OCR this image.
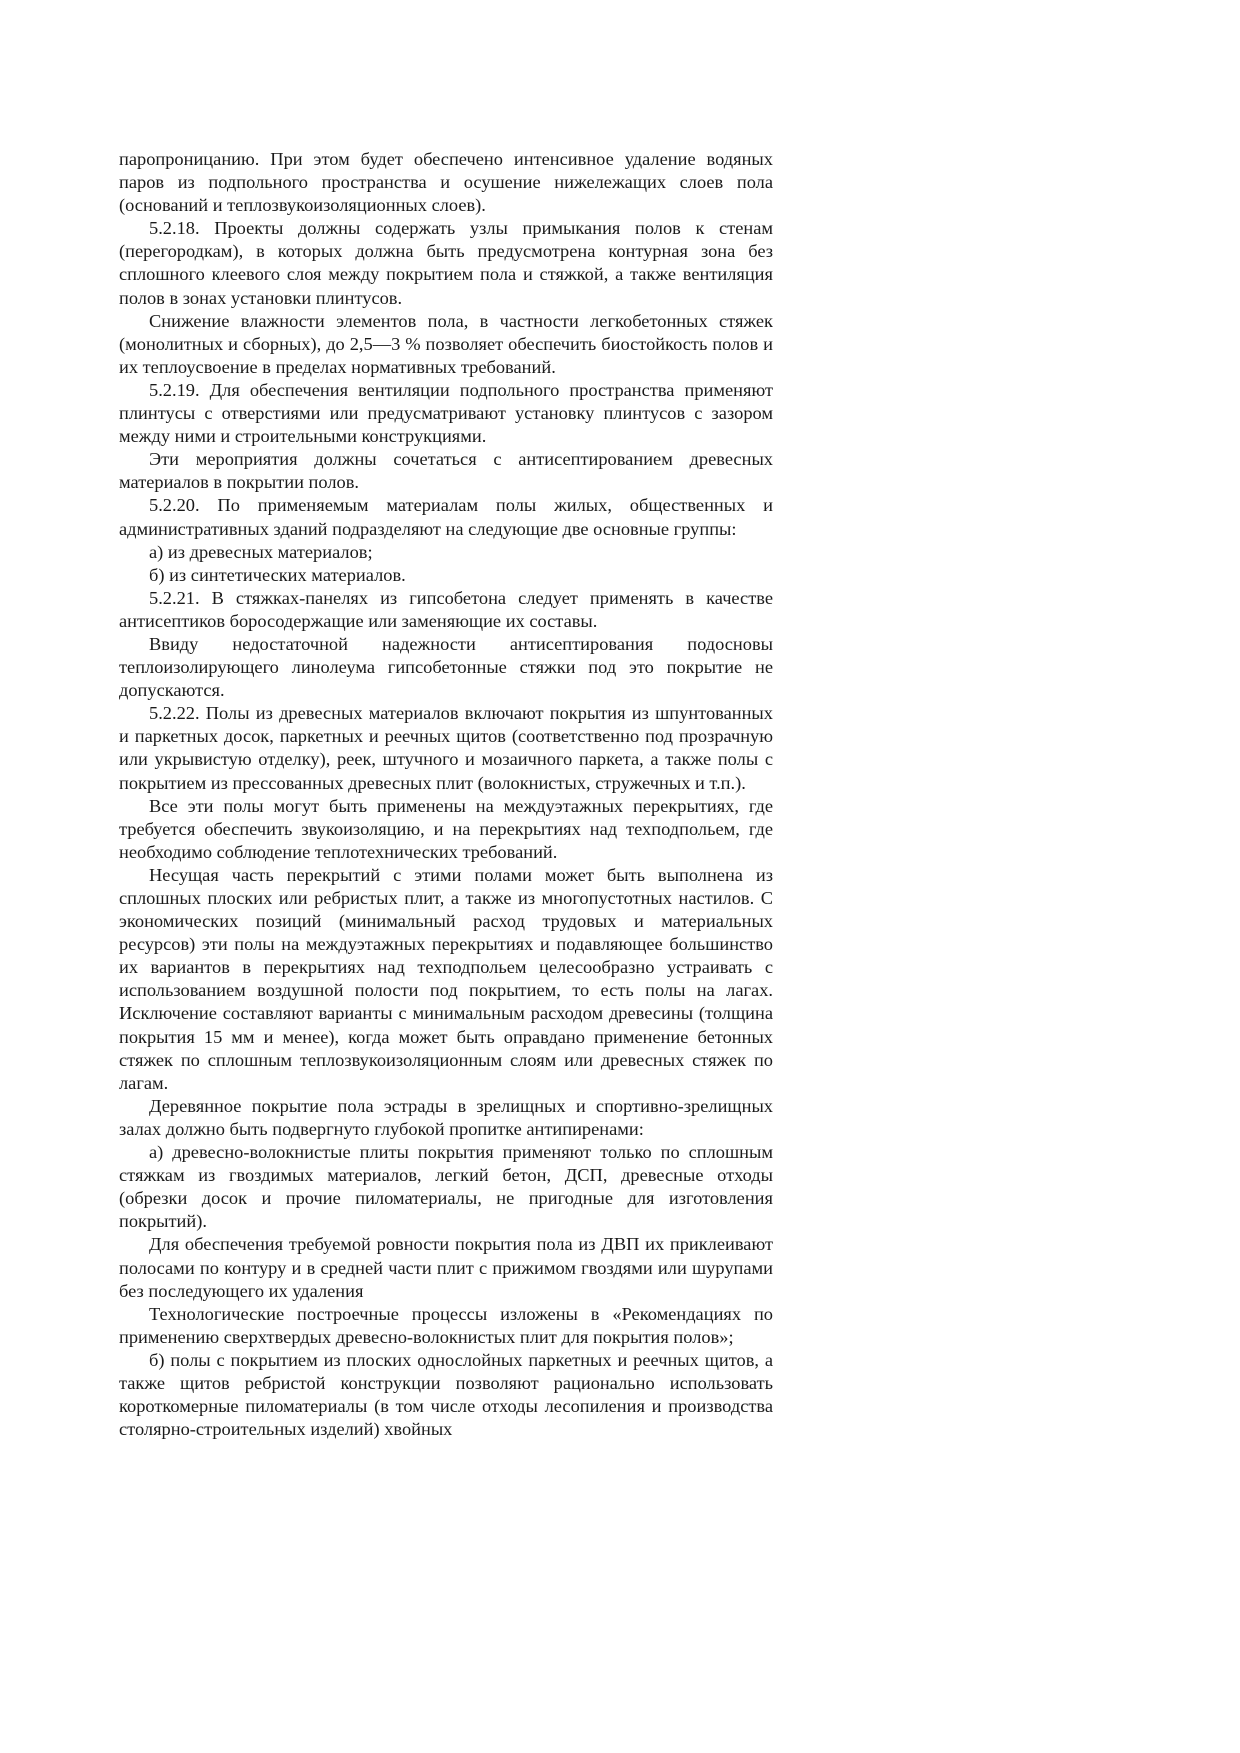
паропроницанию. При этом будет обеспечено интенсивное удаление водяных паров из подпольного пространства и осушение нижележащих слоев пола (оснований и теплозвукоизоляционных слоев).

5.2.18. Проекты должны содержать узлы примыкания полов к стенам (перегородкам), в которых должна быть предусмотрена контурная зона без сплошного клеевого слоя между покрытием пола и стяжкой, а также вентиляция полов в зонах установки плинтусов.

Снижение влажности элементов пола, в частности легкобетонных стяжек (монолитных и сборных), до 2,5—3 % позволяет обеспечить биостойкость полов и их теплоусвоение в пределах нормативных требований.

5.2.19. Для обеспечения вентиляции подпольного пространства применяют плинтусы с отверстиями или предусматривают установку плинтусов с зазором между ними и строительными конструкциями.

Эти мероприятия должны сочетаться с антисептированием древесных материалов в покрытии полов.

5.2.20. По применяемым материалам полы жилых, общественных и административных зданий подразделяют на следующие две основные группы:

а) из древесных материалов;

б) из синтетических материалов.

5.2.21. В стяжках-панелях из гипсобетона следует применять в качестве антисептиков боросодержащие или заменяющие их составы.

Ввиду недостаточной надежности антисептирования подосновы теплоизолирующего линолеума гипсобетонные стяжки под это покрытие не допускаются.

5.2.22. Полы из древесных материалов включают покрытия из шпунтованных и паркетных досок, паркетных и реечных щитов (соответственно под прозрачную или укрывистую отделку), реек, штучного и мозаичного паркета, а также полы с покрытием из прессованных древесных плит (волокнистых, стружечных и т.п.).

Все эти полы могут быть применены на междуэтажных перекрытиях, где требуется обеспечить звукоизоляцию, и на перекрытиях над техподпольем, где необходимо соблюдение теплотехнических требований.

Несущая часть перекрытий с этими полами может быть выполнена из сплошных плоских или ребристых плит, а также из многопустотных настилов. С экономических позиций (минимальный расход трудовых и материальных ресурсов) эти полы на междуэтажных перекрытиях и подавляющее большинство их вариантов в перекрытиях над техподпольем целесообразно устраивать с использованием воздушной полости под покрытием, то есть полы на лагах. Исключение составляют варианты с минимальным расходом древесины (толщина покрытия 15 мм и менее), когда может быть оправдано применение бетонных стяжек по сплошным теплозвукоизоляционным слоям или древесных стяжек по лагам.

Деревянное покрытие пола эстрады в зрелищных и спортивно-зрелищных залах должно быть подвергнуто глубокой пропитке антипиренами:

а) древесно-волокнистые плиты покрытия применяют только по сплошным стяжкам из гвоздимых материалов, легкий бетон, ДСП, древесные отходы (обрезки досок и прочие пиломатериалы, не пригодные для изготовления покрытий).

Для обеспечения требуемой ровности покрытия пола из ДВП их приклеивают полосами по контуру и в средней части плит с прижимом гвоздями или шурупами без последующего их удаления

Технологические построечные процессы изложены в «Рекомендациях по применению сверхтвердых древесно-волокнистых плит для покрытия полов»;

б) полы с покрытием из плоских однослойных паркетных и реечных щитов, а также щитов ребристой конструкции позволяют рационально использовать короткомерные пиломатериалы (в том числе отходы лесопиления и производства столярно-строительных изделий) хвойных
